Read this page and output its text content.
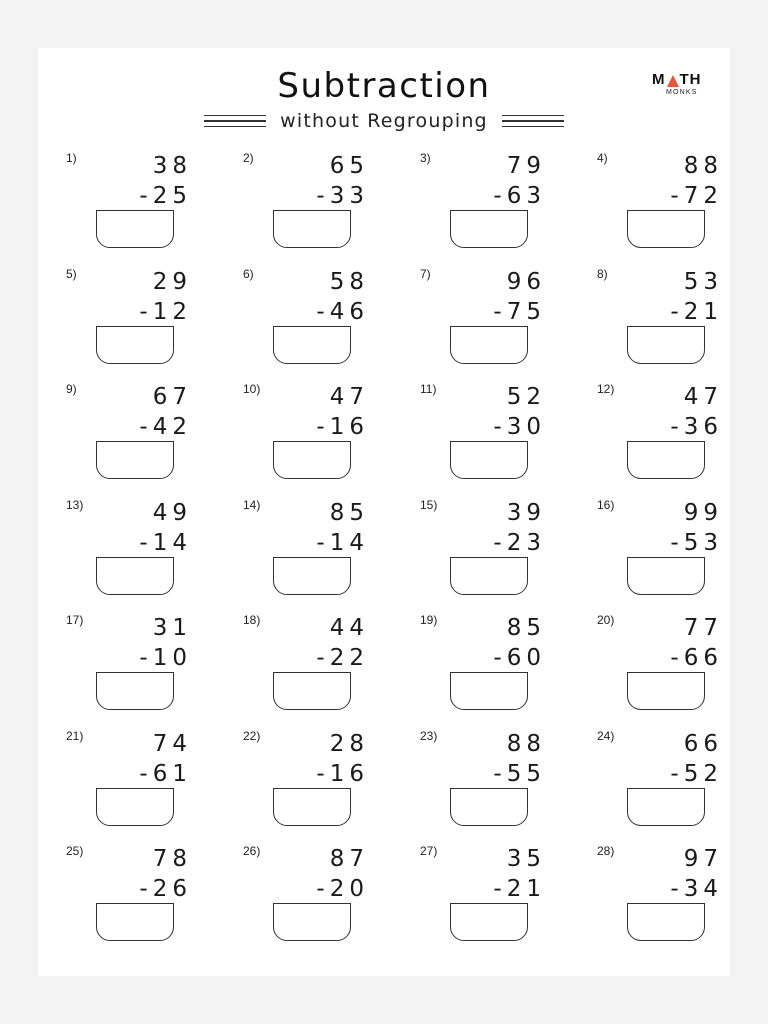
Subtraction
without Regrouping
M TH
MONKS
1)	38
-25
2)	65
-33
3)	79
-63
4)	88
-72
5)	29
-12
6)	58
-46
7)	96
-75
8)	53
-21
9)	67
-42
10)	47
-16
11)	52
-30
12)	47
-36
13)	49
-14
14)	85
-14
15)	39
-23
16)	99
-53
17)	31
-10
18)	44
-22
19)	85
-60
20)	77
-66
21)	74
-61
22)	28
-16
23)	88
-55
24)	66
-52
25)	78
-26
26)	87
-20
27)	35
-21
28)	97
-34
